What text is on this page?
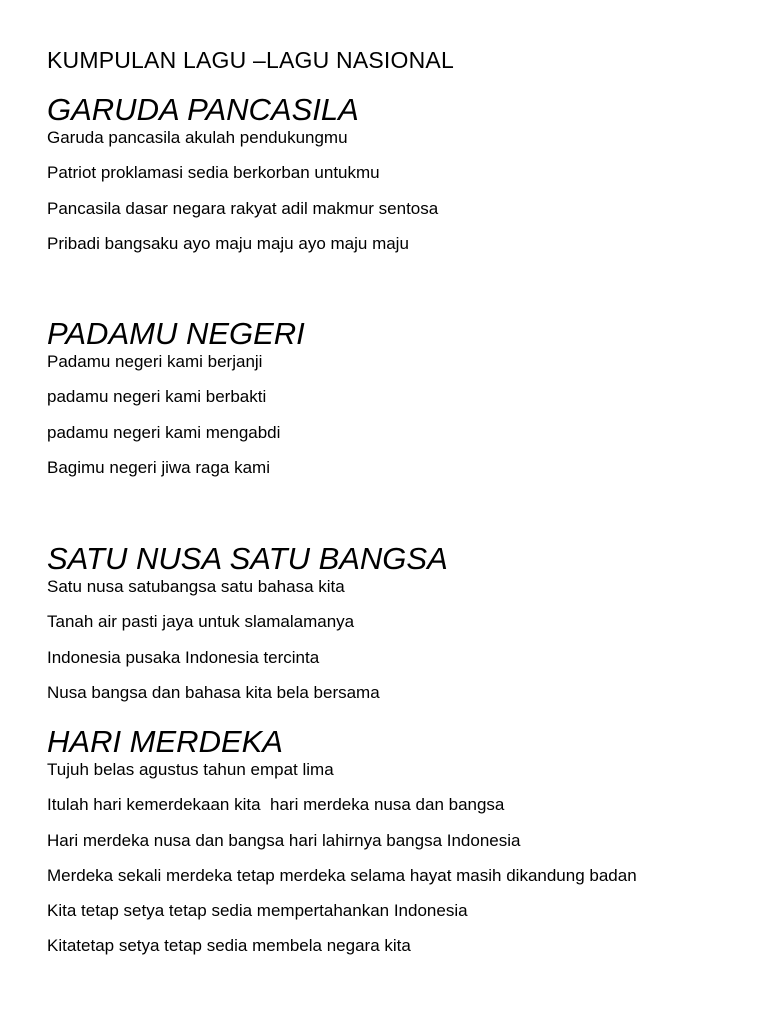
KUMPULAN LAGU –LAGU NASIONAL
GARUDA PANCASILA
Garuda pancasila akulah pendukungmu
Patriot proklamasi sedia berkorban untukmu
Pancasila dasar negara rakyat adil makmur sentosa
Pribadi bangsaku ayo maju maju ayo maju maju
PADAMU NEGERI
Padamu negeri kami berjanji
padamu negeri kami berbakti
padamu negeri kami mengabdi
Bagimu negeri jiwa raga kami
SATU NUSA SATU BANGSA
Satu nusa satubangsa satu bahasa kita
Tanah air pasti jaya untuk slamalamanya
Indonesia pusaka Indonesia tercinta
Nusa bangsa dan bahasa kita bela bersama
HARI MERDEKA
Tujuh belas agustus tahun empat lima
Itulah hari kemerdekaan kita  hari merdeka nusa dan bangsa
Hari merdeka nusa dan bangsa hari lahirnya bangsa Indonesia
Merdeka sekali merdeka tetap merdeka selama hayat masih dikandung badan
Kita tetap setya tetap sedia mempertahankan Indonesia
Kitatetap setya tetap sedia membela negara kita
